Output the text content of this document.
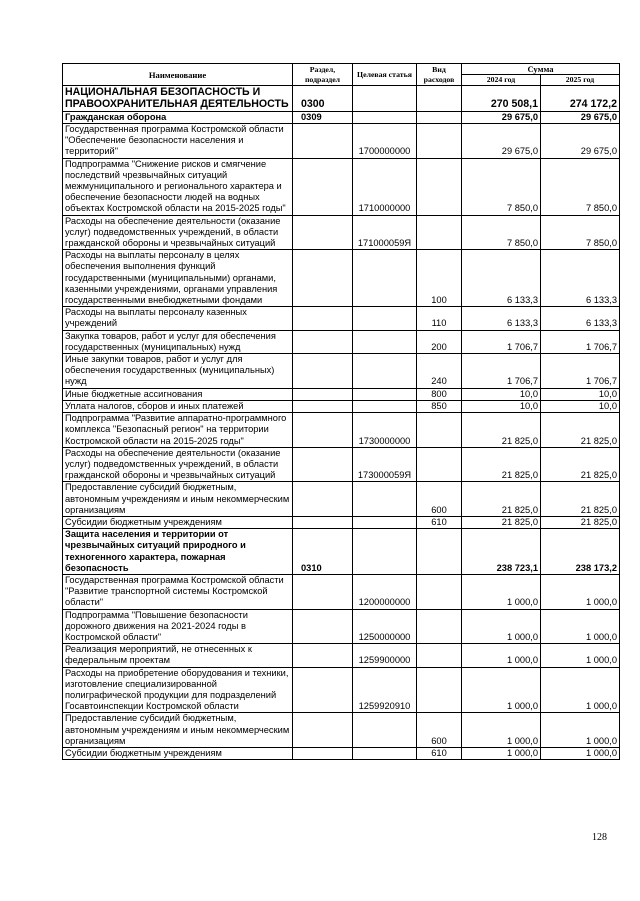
Наименование	Раздел, подраздел	Целевая статья	Вид расходов	Сумма	
				2024 год	2025 год
НАЦИОНАЛЬНАЯ БЕЗОПАСНОСТЬ И ПРАВООХРАНИТЕЛЬНАЯ ДЕЯТЕЛЬНОСТЬ	0300			270 508,1	274 172,2
Гражданская оборона	0309			29 675,0	29 675,0
Государственная программа Костромской области "Обеспечение безопасности населения и территорий"		1700000000		29 675,0	29 675,0
Подпрограмма "Снижение рисков и смягчение последствий чрезвычайных ситуаций межмуниципального и регионального характера и обеспечение безопасности людей на водных объектах Костромской области на 2015-2025 годы"		1710000000		7 850,0	7 850,0
Расходы на обеспечение деятельности (оказание услуг) подведомственных учреждений, в области гражданской обороны и чрезвычайных ситуаций		171000059Я		7 850,0	7 850,0
Расходы на выплаты персоналу в целях обеспечения выполнения функций государственными (муниципальными) органами, казенными учреждениями, органами управления государственными внебюджетными фондами			100	6 133,3	6 133,3
Расходы на выплаты персоналу казенных учреждений			110	6 133,3	6 133,3
Закупка товаров, работ и услуг для обеспечения государственных (муниципальных) нужд			200	1 706,7	1 706,7
Иные закупки товаров, работ и услуг для обеспечения государственных (муниципальных) нужд			240	1 706,7	1 706,7
Иные бюджетные ассигнования			800	10,0	10,0
Уплата налогов, сборов и иных платежей			850	10,0	10,0
Подпрограмма "Развитие аппаратно-программного комплекса "Безопасный регион" на территории Костромской области на 2015-2025 годы"		1730000000		21 825,0	21 825,0
Расходы на обеспечение деятельности (оказание услуг) подведомственных учреждений, в области гражданской обороны и чрезвычайных ситуаций		173000059Я		21 825,0	21 825,0
Предоставление субсидий бюджетным, автономным учреждениям и иным некоммерческим организациям			600	21 825,0	21 825,0
Субсидии бюджетным учреждениям			610	21 825,0	21 825,0
Защита населения и территории от чрезвычайных ситуаций природного и техногенного характера, пожарная безопасность	0310			238 723,1	238 173,2
Государственная программа Костромской области "Развитие транспортной системы Костромской области"		1200000000		1 000,0	1 000,0
Подпрограмма "Повышение безопасности дорожного движения на 2021-2024 годы в Костромской области"		1250000000		1 000,0	1 000,0
Реализация мероприятий, не отнесенных к федеральным проектам		1259900000		1 000,0	1 000,0
Расходы на приобретение оборудования и техники, изготовление специализированной полиграфической продукции для подразделений Госавтоинспекции Костромской области		1259920910		1 000,0	1 000,0
Предоставление субсидий бюджетным, автономным учреждениям и иным некоммерческим организациям			600	1 000,0	1 000,0
Субсидии бюджетным учреждениям			610	1 000,0	1 000,0
128
